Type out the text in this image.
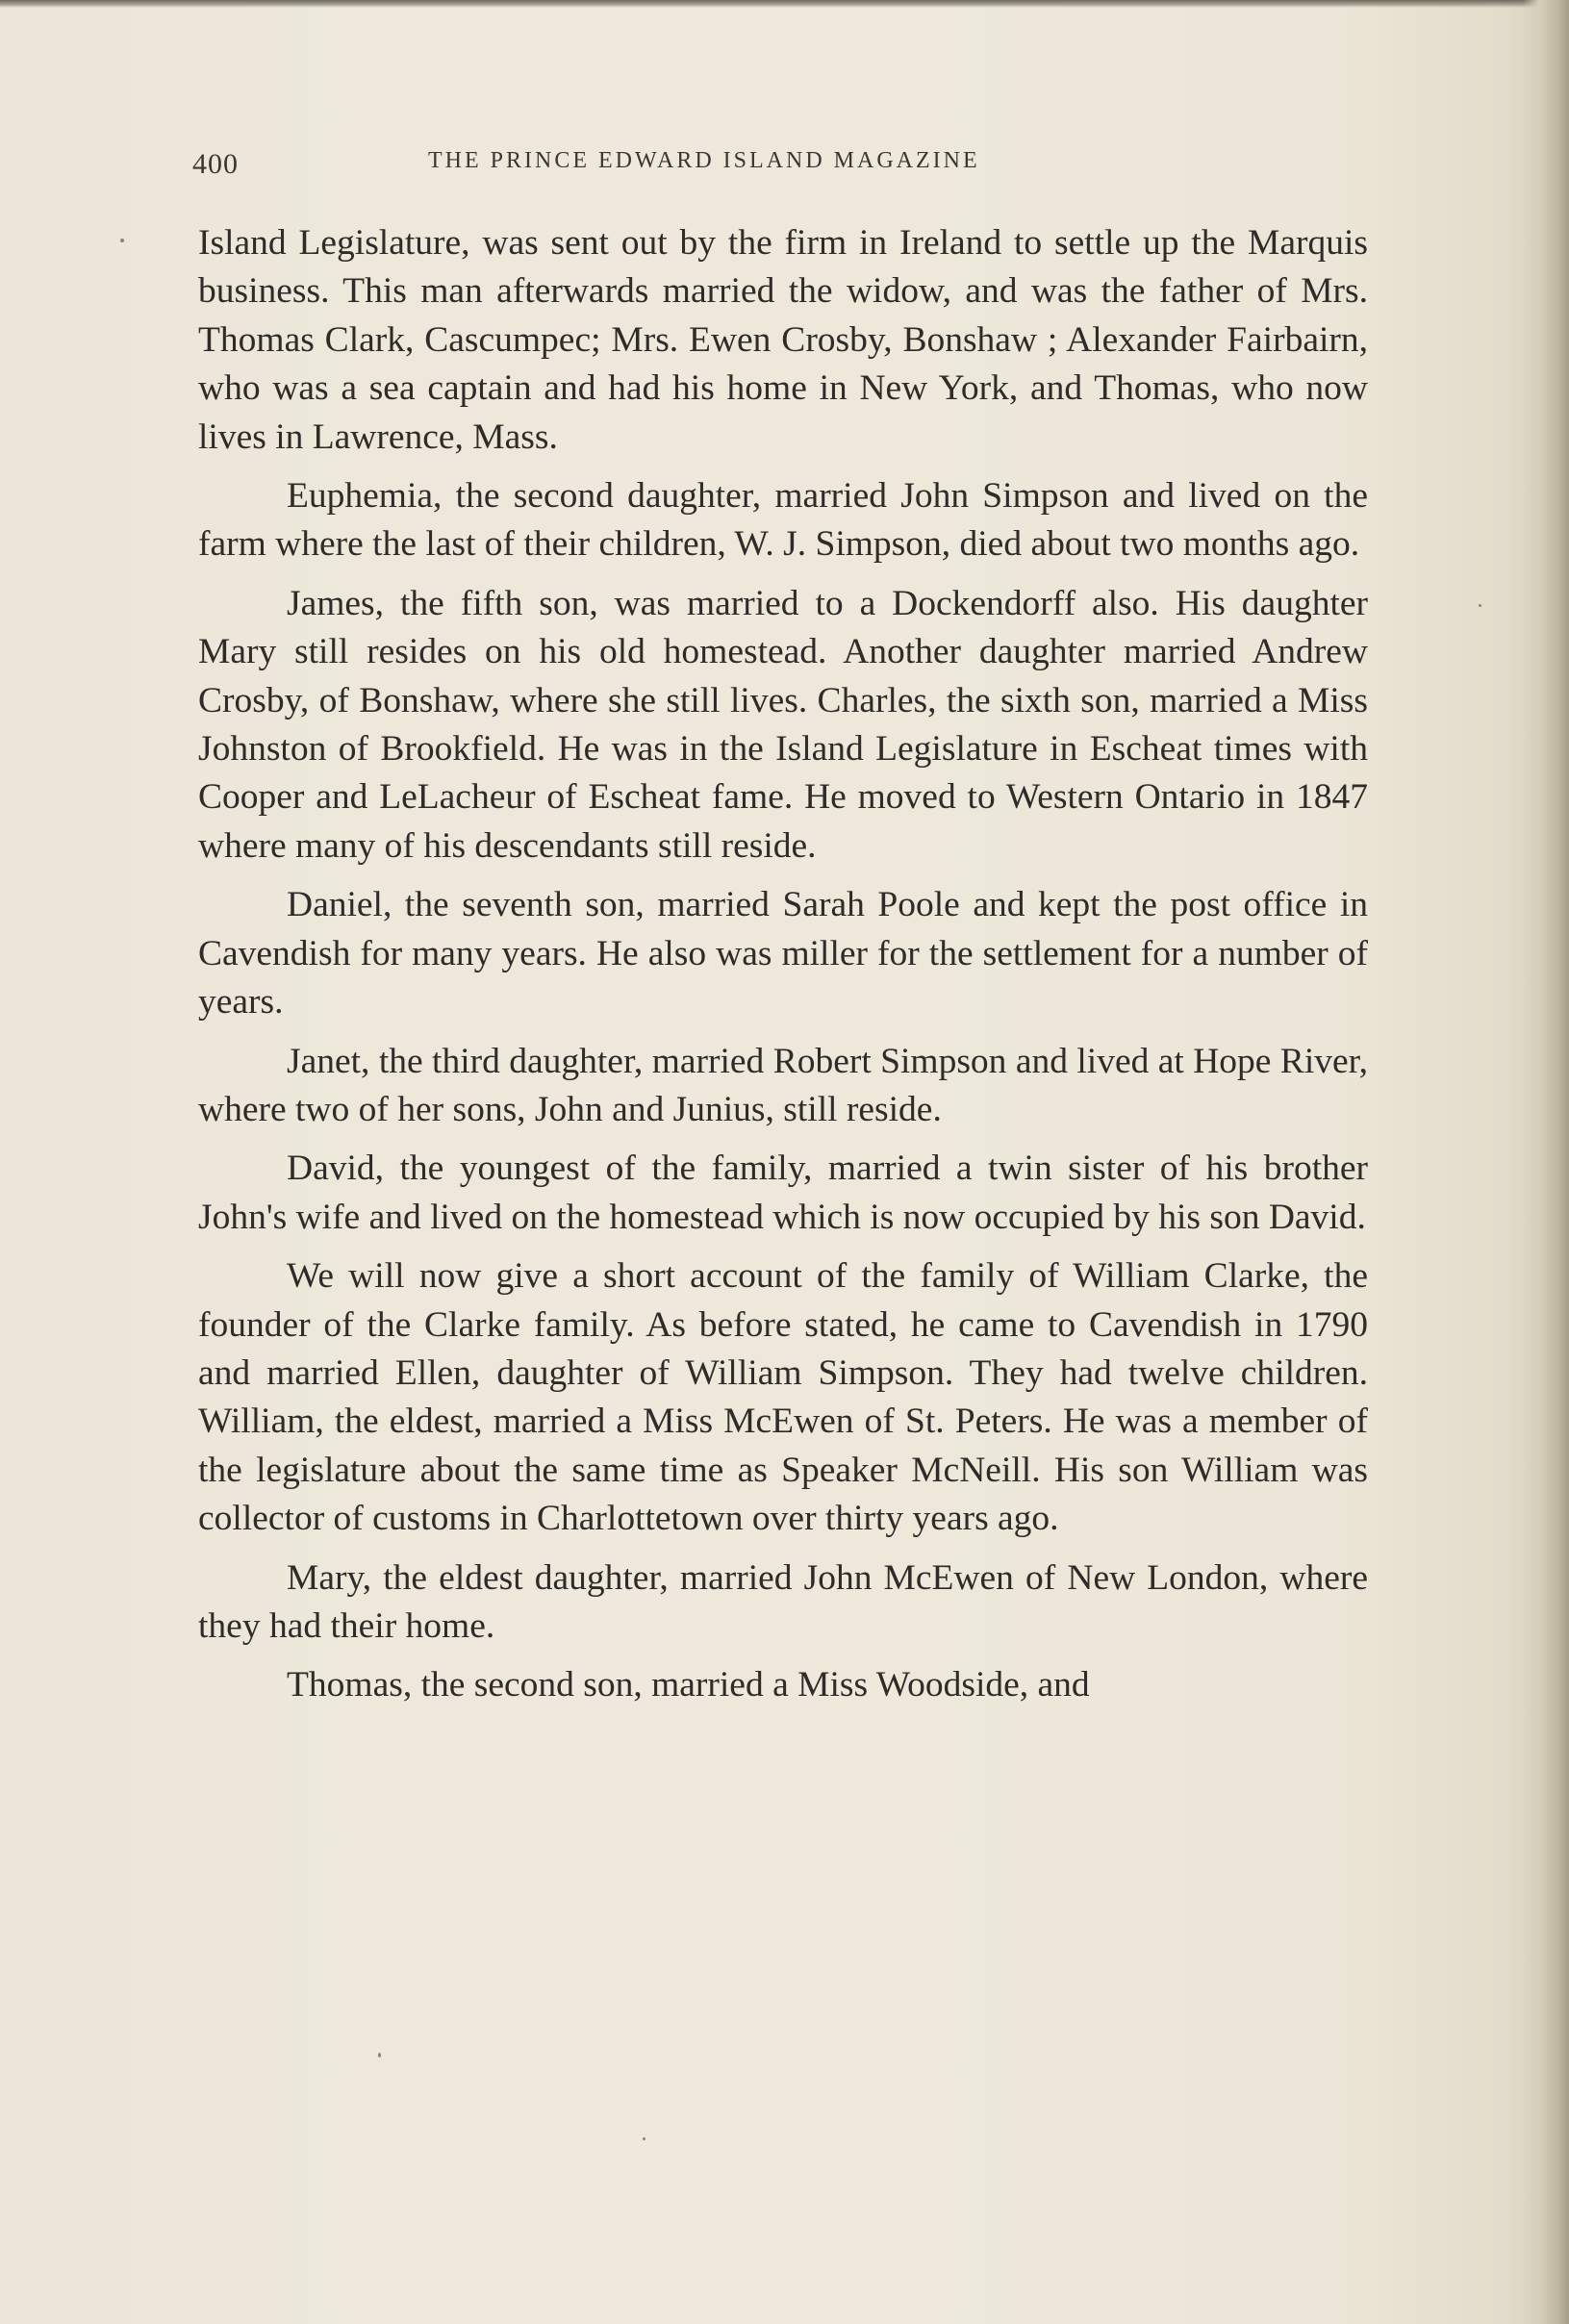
400	THE PRINCE EDWARD ISLAND MAGAZINE

Island Legislature, was sent out by the firm in Ireland to settle up the Marquis business. This man afterwards married the widow, and was the father of Mrs. Thomas Clark, Cascumpec; Mrs. Ewen Crosby, Bonshaw ; Alexander Fairbairn, who was a sea captain and had his home in New York, and Thomas, who now lives in Lawrence, Mass.

Euphemia, the second daughter, married John Simpson and lived on the farm where the last of their children, W. J. Simpson, died about two months ago.

James, the fifth son, was married to a Dockendorff also. His daughter Mary still resides on his old homestead. Another daughter married Andrew Crosby, of Bonshaw, where she still lives. Charles, the sixth son, married a Miss Johnston of Brookfield. He was in the Island Legislature in Escheat times with Cooper and LeLacheur of Escheat fame. He moved to Western Ontario in 1847 where many of his descendants still reside.

Daniel, the seventh son, married Sarah Poole and kept the post office in Cavendish for many years. He also was miller for the settlement for a number of years.

Janet, the third daughter, married Robert Simpson and lived at Hope River, where two of her sons, John and Junius, still reside.

David, the youngest of the family, married a twin sister of his brother John's wife and lived on the homestead which is now occupied by his son David.

We will now give a short account of the family of William Clarke, the founder of the Clarke family. As before stated, he came to Cavendish in 1790 and married Ellen, daughter of William Simpson. They had twelve children. William, the eldest, married a Miss McEwen of St. Peters. He was a member of the legislature about the same time as Speaker McNeill. His son William was collector of customs in Charlottetown over thirty years ago.

Mary, the eldest daughter, married John McEwen of New London, where they had their home.

Thomas, the second son, married a Miss Woodside, and
